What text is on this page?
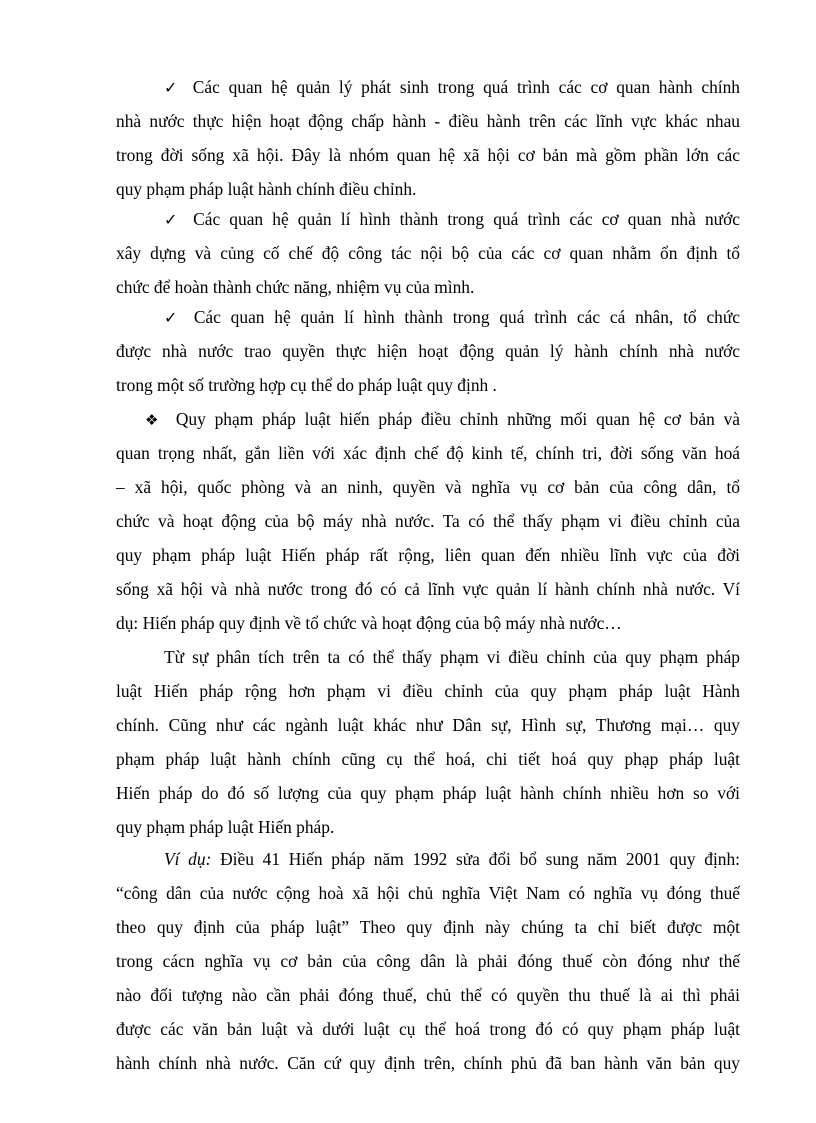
✓ Các quan hệ quản lý phát sinh trong quá trình các cơ quan hành chính
nhà nước thực hiện hoạt động chấp hành - điều hành trên các lĩnh vực khác nhau
trong đời sống xã hội. Đây là nhóm quan hệ xã hội cơ bản mà gồm phần lớn các
quy phạm pháp luật hành chính điều chỉnh.
✓ Các quan hệ quản lí hình thành trong quá trình các cơ quan nhà nước
xây dựng và củng cố chế độ công tác nội bộ của các cơ quan nhằm ổn định tổ
chức để hoàn thành chức năng, nhiệm vụ của mình.
✓ Các quan hệ quản lí hình thành trong quá trình các cá nhân, tổ chức
được nhà nước trao quyền thực hiện hoạt động quản lý hành chính nhà nước
trong một số trường hợp cụ thể do pháp luật quy định .
❖ Quy phạm pháp luật hiến pháp điều chỉnh những mối quan hệ cơ bản và
quan trọng nhất, gắn liền với xác định chế độ kinh tế, chính tri, đời sống văn hoá
– xã hội, quốc phòng và an ninh, quyền và nghĩa vụ cơ bản của công dân, tổ
chức và hoạt động của bộ máy nhà nước. Ta có thể thấy phạm vi điều chỉnh của
quy phạm pháp luật Hiến pháp rất rộng, liên quan đến nhiều lĩnh vực của đời
sống xã hội và nhà nước trong đó có cả lĩnh vực quản lí hành chính nhà nước. Ví
dụ: Hiến pháp quy định về tổ chức và hoạt động của bộ máy nhà nước…
Từ sự phân tích trên ta có thể thấy phạm vi điều chỉnh của quy phạm pháp
luật Hiến pháp rộng hơn phạm vi điều chỉnh của quy phạm pháp luật Hành
chính. Cũng như các ngành luật khác như Dân sự, Hình sự, Thương mại… quy
phạm pháp luật hành chính cũng cụ thể hoá, chi tiết hoá quy phạp pháp luật
Hiến pháp do đó số lượng của quy phạm pháp luật hành chính nhiều hơn so với
quy phạm pháp luật Hiến pháp.
Ví dụ: Điều 41 Hiến pháp năm 1992 sửa đổi bổ sung năm 2001 quy định:
“công dân của nước cộng hoà xã hội chủ nghĩa Việt Nam có nghĩa vụ đóng thuế
theo quy định của pháp luật” Theo quy định này chúng ta chỉ biết được một
trong cácn nghĩa vụ cơ bản của công dân là phải đóng thuế còn đóng như thế
nào đối tượng nào cần phải đóng thuế, chủ thể có quyền thu thuế là ai thì phải
được các văn bản luật và dưới luật cụ thể hoá trong đó có quy phạm pháp luật
hành chính nhà nước. Căn cứ quy định trên, chính phủ đã ban hành văn bản quy
